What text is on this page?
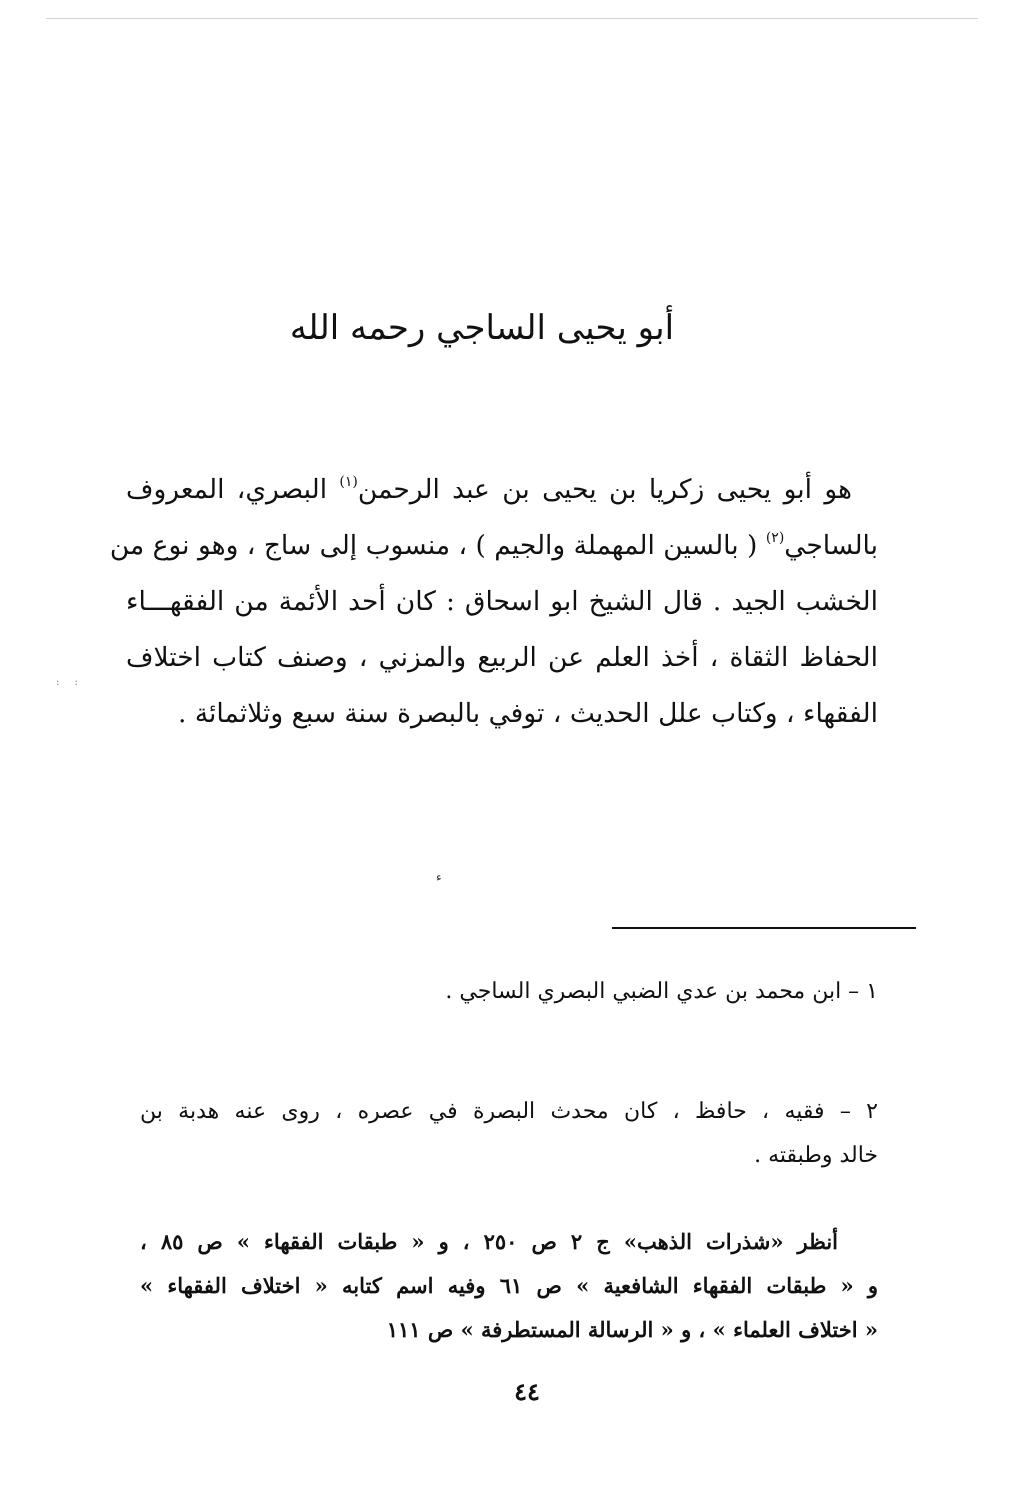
أبو يحيى الساجي رحمه الله
هو أبو يحيى زكريا بن يحيى بن عبد الرحمن$^{(١)}$ البصري، المعروف
بالساجي$^{(٢)}$ ( بالسين المهملة والجيم ) ، منسوب إلى ساج ، وهو نوع من
الخشب الجيد . قال الشيخ ابو اسحاق : كان أحد الأئمة من الفقهـــاء
الحفاظ الثقاة ، أخذ العلم عن الربيع والمزني ، وصنف كتاب اختلاف
الفقهاء ، وكتاب علل الحديث ، توفي بالبصرة سنة سبع وثلاثمائة .
: :
ء
١ – ابن محمد بن عدي الضبي البصري الساجي .
٢ – فقيه ، حافظ ، كان محدث البصرة في عصره ، روى عنه هدبة بن
خالد وطبقته .
أنظر «شذرات الذهب» ج ٢ ص ٢٥٠ ، و « طبقات الفقهاء » ص ٨٥ ،
و « طبقات الفقهاء الشافعية » ص ٦١ وفيه اسم كتابه « اختلاف الفقهاء »
« اختلاف العلماء » ، و « الرسالة المستطرفة » ص ١١١
٤٤
